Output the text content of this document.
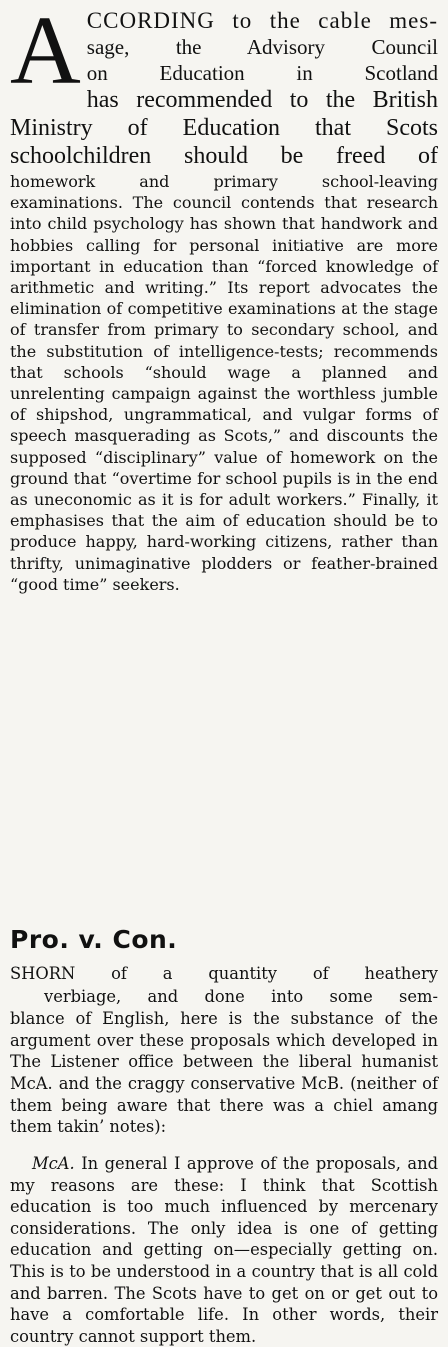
A CCORDING to the cable mes-
sage, the Advisory Council
on Education in Scotland
has recommended to the British
Ministry of Education that Scots
schoolchildren should be freed of
homework and primary school-leaving examinations. The council contends that research into child psychology has shown that handwork and hobbies calling for personal initiative are more important in education than “forced knowledge of arithmetic and writing.” Its report advocates the elimination of competitive examinations at the stage of transfer from primary to secondary school, and the substitution of intelligence-tests; recommends that schools “should wage a planned and unrelenting campaign against the worthless jumble of shipshod, ungrammatical, and vulgar forms of speech masquerading as Scots,” and discounts the supposed “disciplinary” value of homework on the ground that “overtime for school pupils is in the end as uneconomic as it is for adult workers.” Finally, it emphasises that the aim of education should be to produce happy, hard-working citizens, rather than thrifty, unimaginative plodders or feather-brained “good time” seekers.
Pro. v. Con.
SHORN of a quantity of heathery
verbiage, and done into some sem-
blance of English, here is the substance of the argument over these proposals which developed in The Listener office between the liberal humanist McA. and the craggy conservative McB. (neither of them being aware that there was a chiel amang them takin’ notes):
McA. In general I approve of the proposals, and my reasons are these: I think that Scottish education is too much influenced by mercenary considerations. The only idea is one of getting education and getting on—especially getting on. This is to be understood in a country that is all cold and barren. The Scots have to get on or get out to have a comfortable life. In other words, their country cannot support them.
